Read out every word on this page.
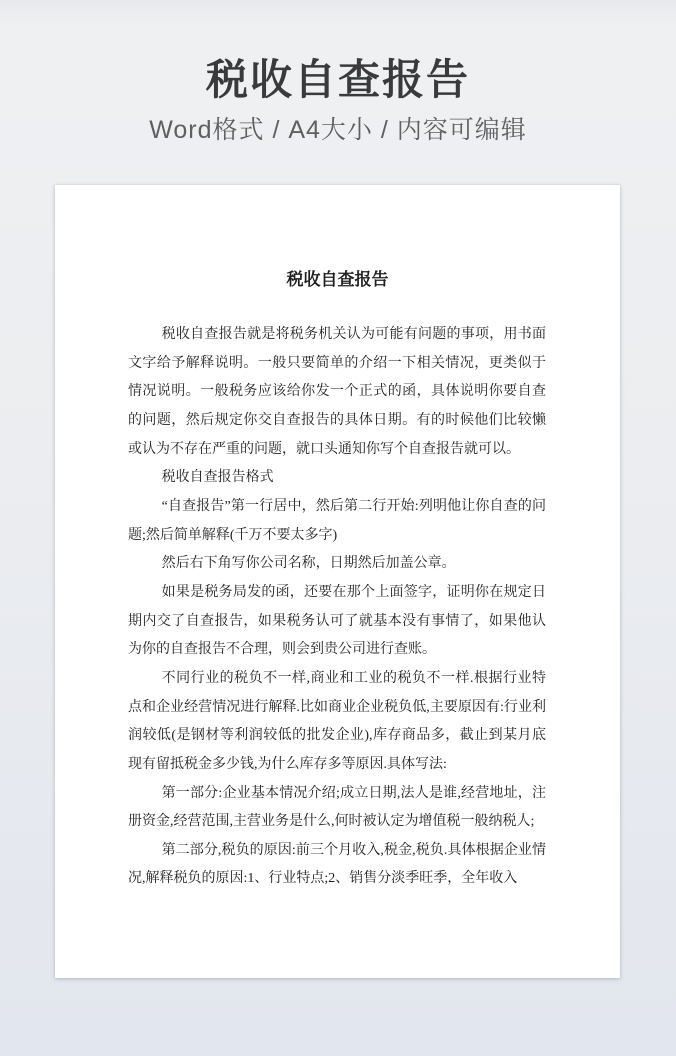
税收自查报告

Word格式 / A4大小 / 内容可编辑

税收自查报告

税收自查报告就是将税务机关认为可能有问题的事项，用书面文字给予解释说明。一般只要简单的介绍一下相关情况，更类似于情况说明。一般税务应该给你发一个正式的函，具体说明你要自查的问题，然后规定你交自查报告的具体日期。有的时候他们比较懒或认为不存在严重的问题，就口头通知你写个自查报告就可以。

税收自查报告格式

“自查报告”第一行居中，然后第二行开始:列明他让你自查的问题;然后简单解释(千万不要太多字)

然后右下角写你公司名称，日期然后加盖公章。

如果是税务局发的函，还要在那个上面签字，证明你在规定日期内交了自查报告，如果税务认可了就基本没有事情了，如果他认为你的自查报告不合理，则会到贵公司进行查账。

不同行业的税负不一样,商业和工业的税负不一样.根据行业特点和企业经营情况进行解释.比如商业企业税负低,主要原因有:行业利润较低(是钢材等利润较低的批发企业),库存商品多，截止到某月底现有留抵税金多少钱,为什么库存多等原因.具体写法:

第一部分:企业基本情况介绍;成立日期,法人是谁,经营地址，注册资金,经营范围,主营业务是什么,何时被认定为增值税一般纳税人;

第二部分,税负的原因:前三个月收入,税金,税负.具体根据企业情况,解释税负的原因:1、行业特点;2、销售分淡季旺季，全年收入
